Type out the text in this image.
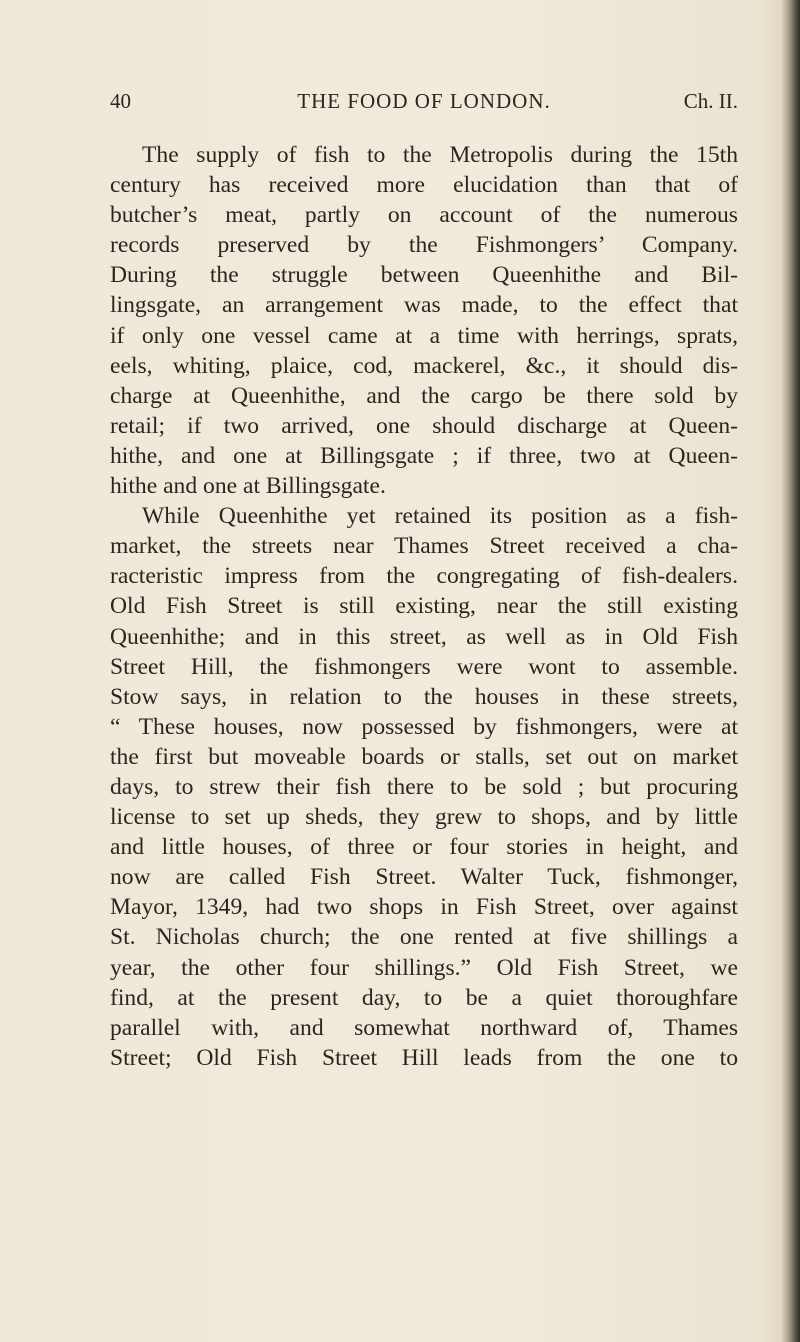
40	THE FOOD OF LONDON.	Ch. II.
The supply of fish to the Metropolis during the 15th
century has received more elucidation than that of
butcher’s meat, partly on account of the numerous
records preserved by the Fishmongers’ Company.
During the struggle between Queenhithe and Bil-
lingsgate, an arrangement was made, to the effect that
if only one vessel came at a time with herrings, sprats,
eels, whiting, plaice, cod, mackerel, &c., it should dis-
charge at Queenhithe, and the cargo be there sold by
retail; if two arrived, one should discharge at Queen-
hithe, and one at Billingsgate ; if three, two at Queen-
hithe and one at Billingsgate.
While Queenhithe yet retained its position as a fish-
market, the streets near Thames Street received a cha-
racteristic impress from the congregating of fish-dealers.
Old Fish Street is still existing, near the still existing
Queenhithe; and in this street, as well as in Old Fish
Street Hill, the fishmongers were wont to assemble.
Stow says, in relation to the houses in these streets,
“ These houses, now possessed by fishmongers, were at
the first but moveable boards or stalls, set out on market
days, to strew their fish there to be sold ; but procuring
license to set up sheds, they grew to shops, and by little
and little houses, of three or four stories in height, and
now are called Fish Street. Walter Tuck, fishmonger,
Mayor, 1349, had two shops in Fish Street, over against
St. Nicholas church; the one rented at five shillings a
year, the other four shillings.” Old Fish Street, we
find, at the present day, to be a quiet thoroughfare
parallel with, and somewhat northward of, Thames
Street; Old Fish Street Hill leads from the one to
